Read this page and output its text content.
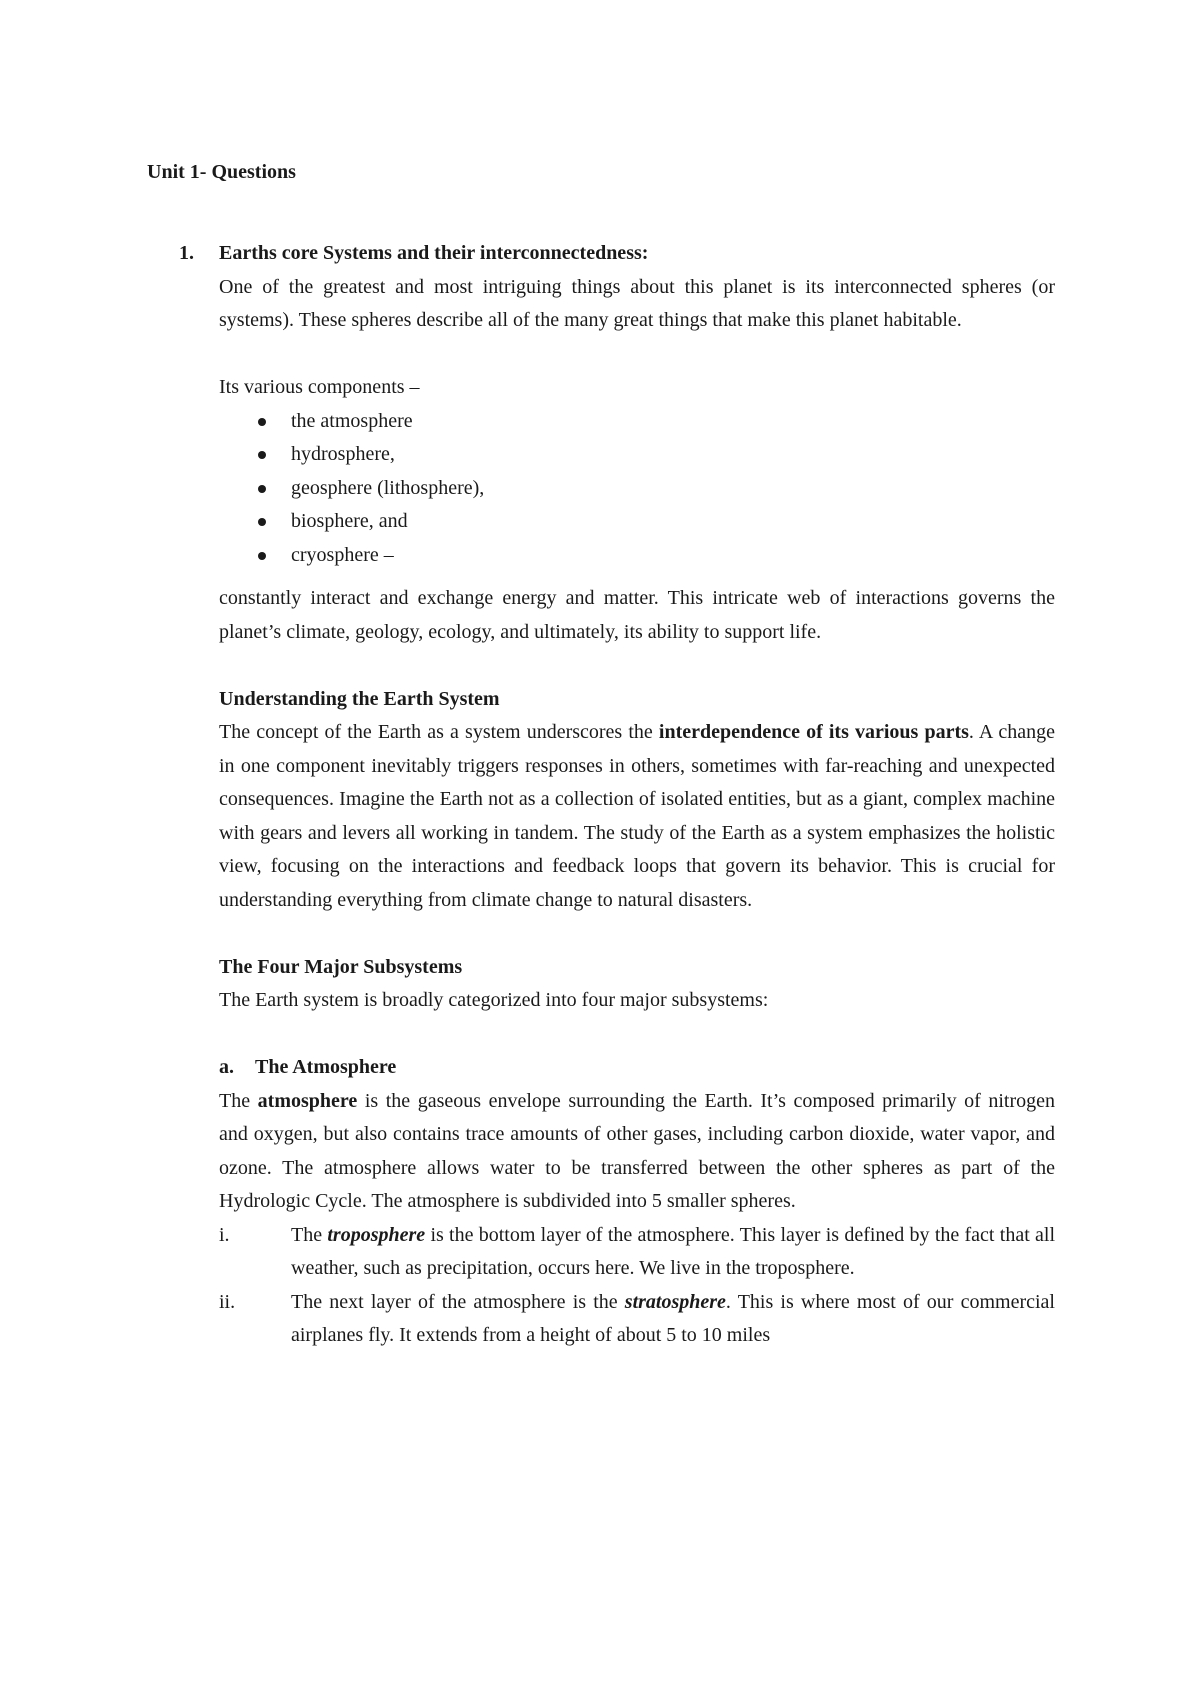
Unit 1- Questions
1. Earths core Systems and their interconnectedness:

One of the greatest and most intriguing things about this planet is its interconnected spheres (or systems). These spheres describe all of the many great things that make this planet habitable.

Its various components –

the atmosphere
hydrosphere,
geosphere (lithosphere),
biosphere, and
cryosphere –

constantly interact and exchange energy and matter. This intricate web of interactions governs the planet’s climate, geology, ecology, and ultimately, its ability to support life.

Understanding the Earth System

The concept of the Earth as a system underscores the interdependence of its various parts. A change in one component inevitably triggers responses in others, sometimes with far-reaching and unexpected consequences. Imagine the Earth not as a collection of isolated entities, but as a giant, complex machine with gears and levers all working in tandem. The study of the Earth as a system emphasizes the holistic view, focusing on the interactions and feedback loops that govern its behavior. This is crucial for understanding everything from climate change to natural disasters.

The Four Major Subsystems

The Earth system is broadly categorized into four major subsystems:

a. The Atmosphere

The atmosphere is the gaseous envelope surrounding the Earth. It’s composed primarily of nitrogen and oxygen, but also contains trace amounts of other gases, including carbon dioxide, water vapor, and ozone. The atmosphere allows water to be transferred between the other spheres as part of the Hydrologic Cycle. The atmosphere is subdivided into 5 smaller spheres.

i.	The troposphere is the bottom layer of the atmosphere. This layer is defined by the fact that all weather, such as precipitation, occurs here. We live in the troposphere.

ii.	The next layer of the atmosphere is the stratosphere. This is where most of our commercial airplanes fly. It extends from a height of about 5 to 10 miles
